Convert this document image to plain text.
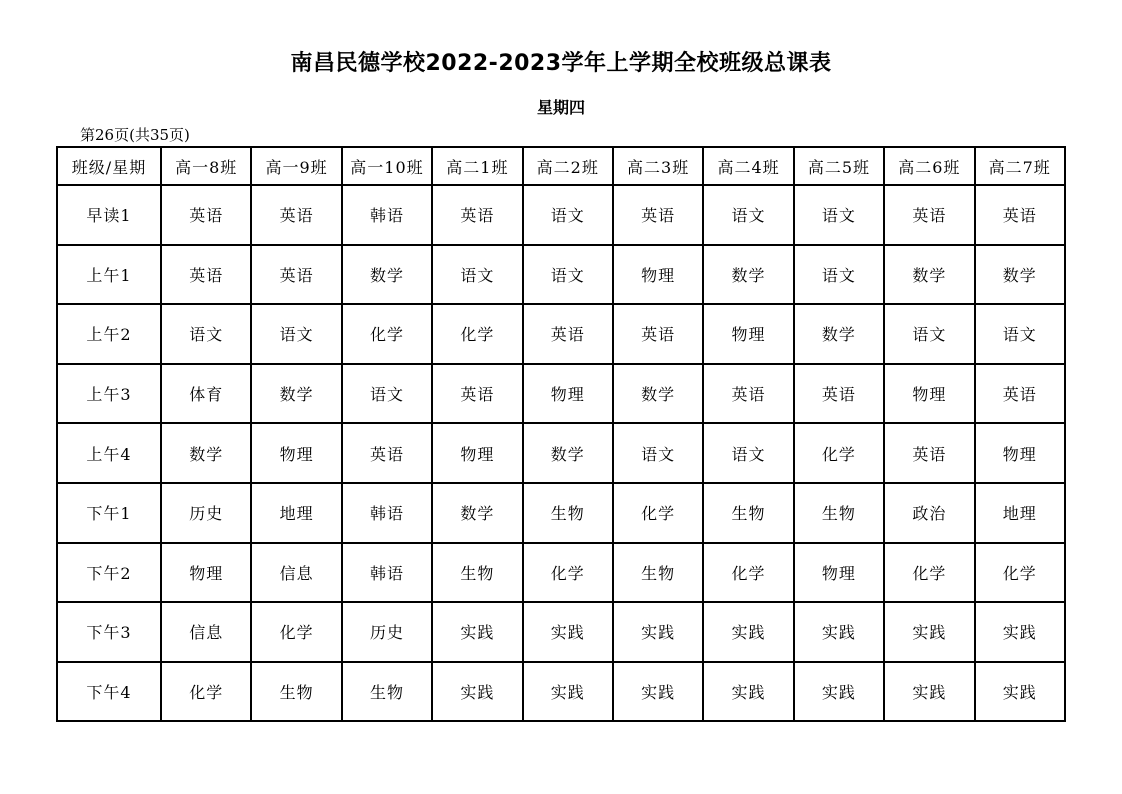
南昌民德学校2022-2023学年上学期全校班级总课表
星期四
第26页(共35页)
班级/星期	高一8班	高一9班	高一10班	高二1班	高二2班	高二3班	高二4班	高二5班	高二6班	高二7班
早读1	英语	英语	韩语	英语	语文	英语	语文	语文	英语	英语
上午1	英语	英语	数学	语文	语文	物理	数学	语文	数学	数学
上午2	语文	语文	化学	化学	英语	英语	物理	数学	语文	语文
上午3	体育	数学	语文	英语	物理	数学	英语	英语	物理	英语
上午4	数学	物理	英语	物理	数学	语文	语文	化学	英语	物理
下午1	历史	地理	韩语	数学	生物	化学	生物	生物	政治	地理
下午2	物理	信息	韩语	生物	化学	生物	化学	物理	化学	化学
下午3	信息	化学	历史	实践	实践	实践	实践	实践	实践	实践
下午4	化学	生物	生物	实践	实践	实践	实践	实践	实践	实践
